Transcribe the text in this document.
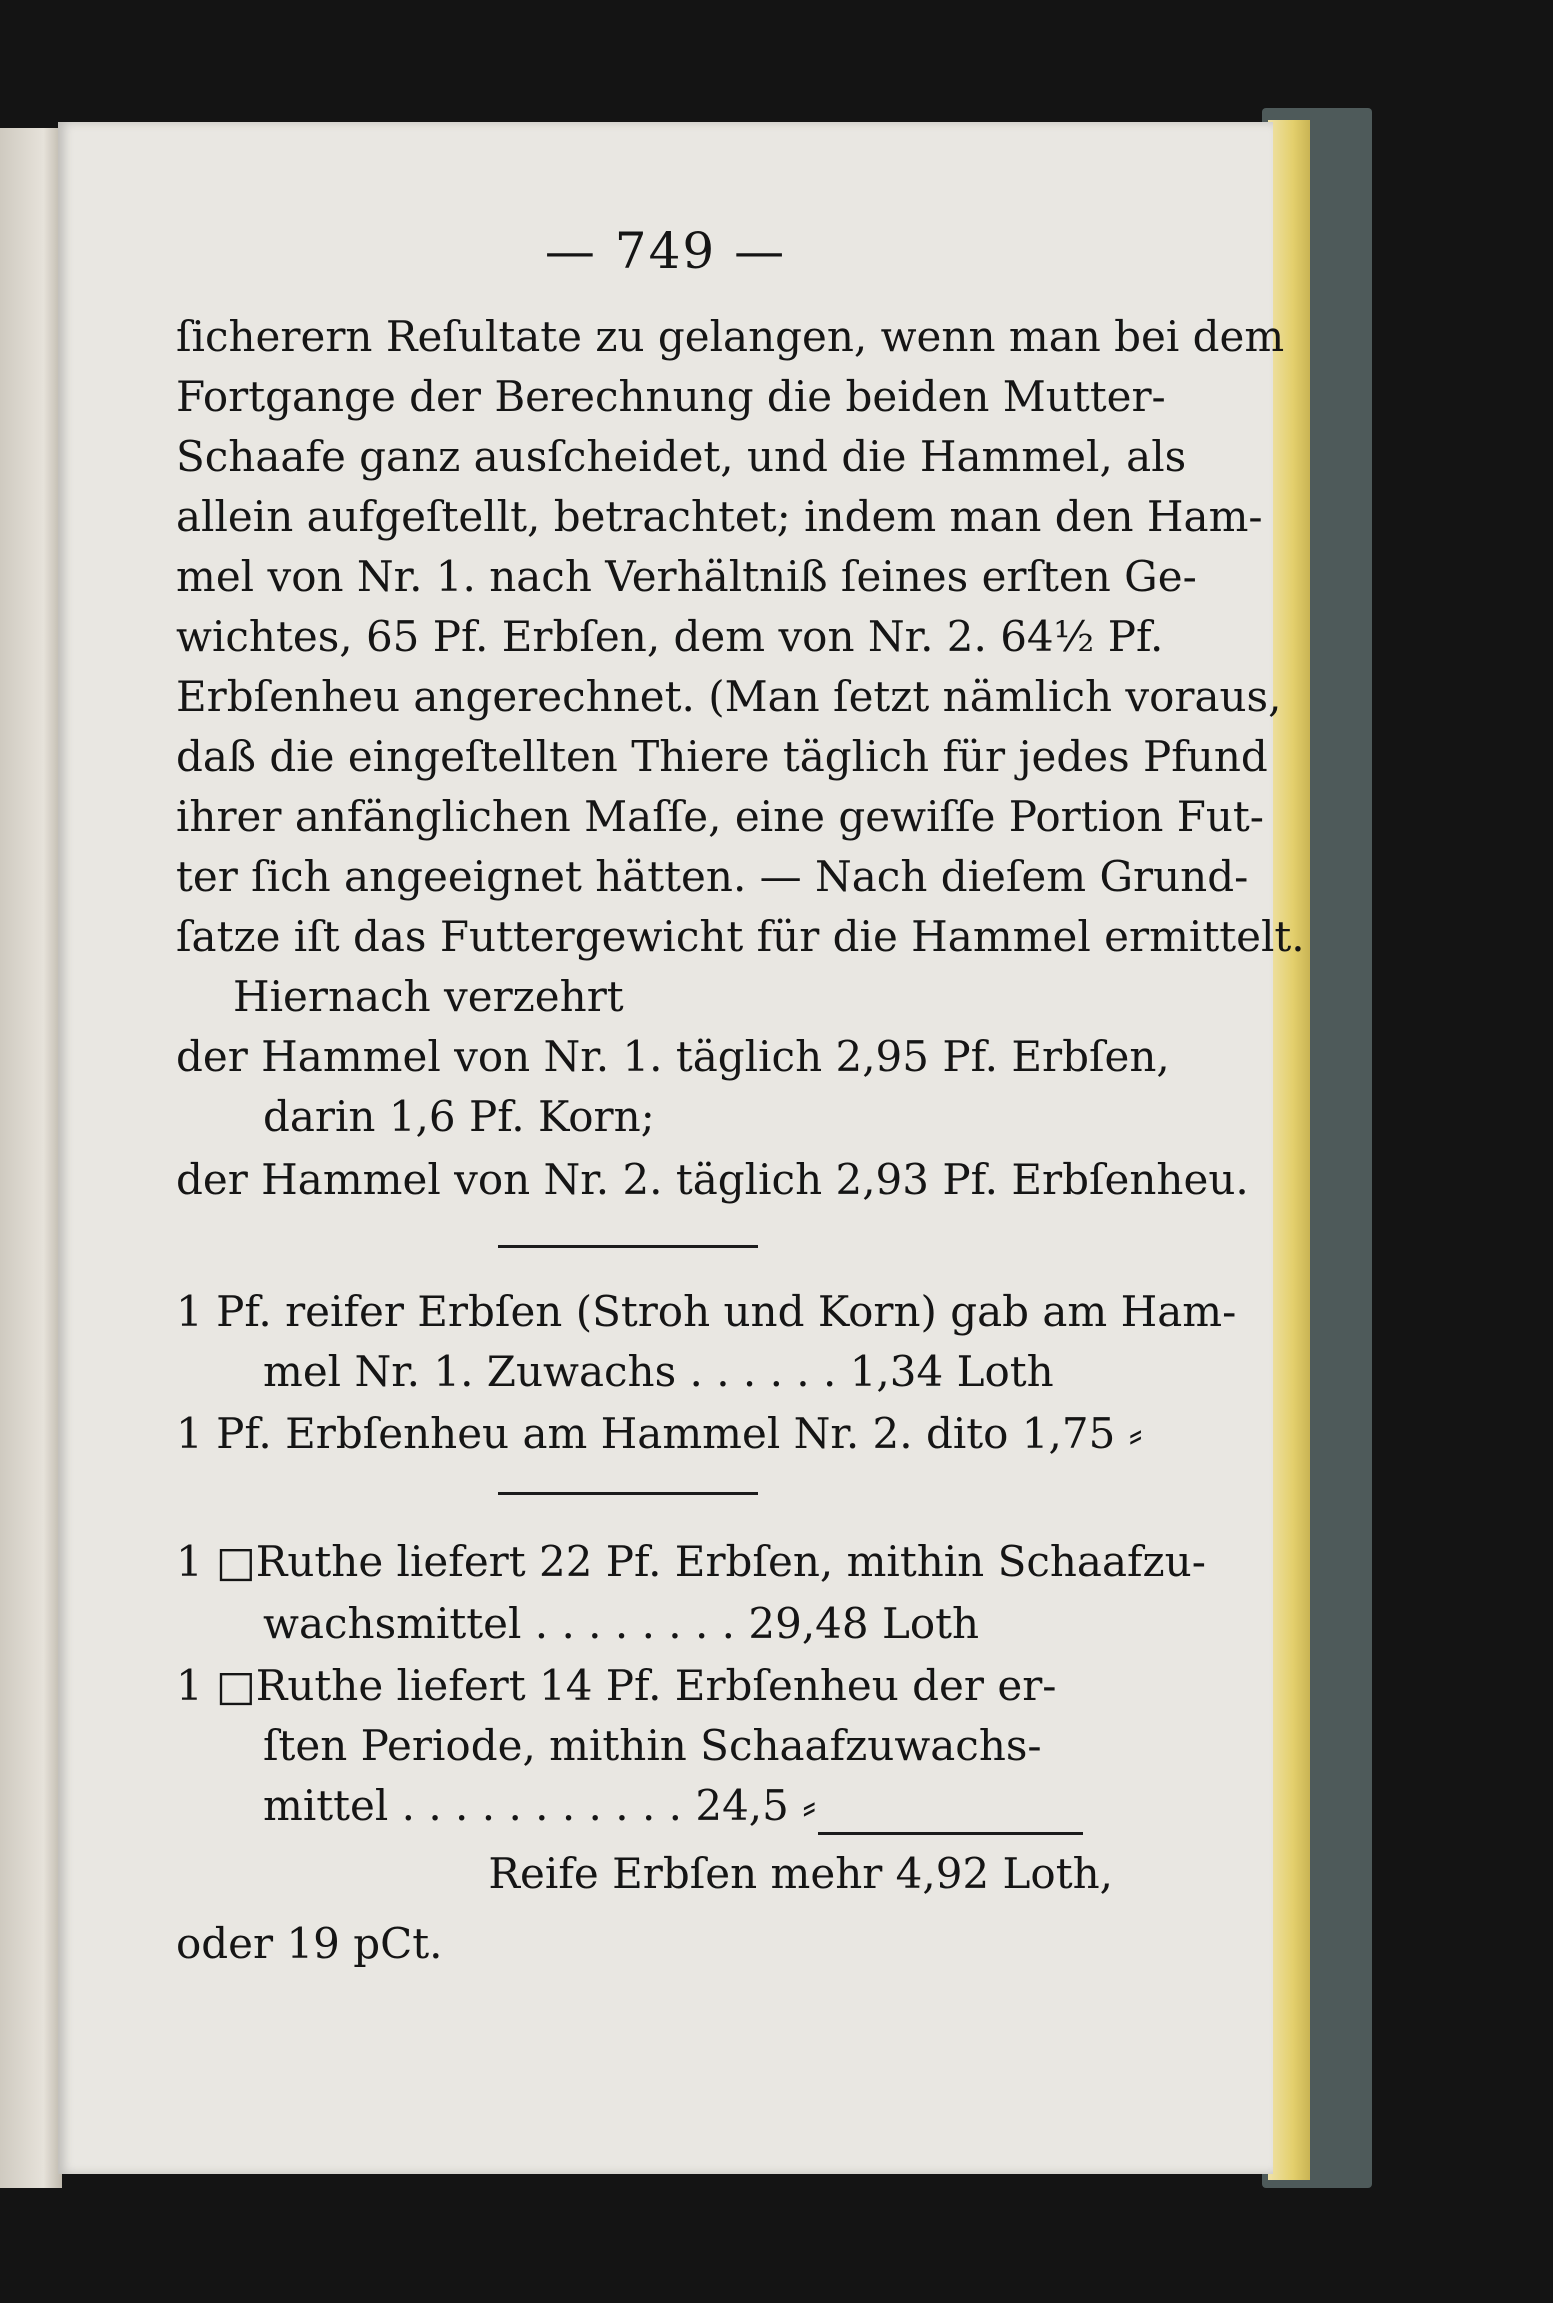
— 749 —
ſicherern Reſultate zu gelangen, wenn man bei dem
Fortgange der Berechnung die beiden Mutter-
Schaafe ganz ausſcheidet, und die Hammel, als
allein aufgeſtellt, betrachtet; indem man den Ham-
mel von Nr. 1. nach Verhältniß ſeines erſten Ge-
wichtes, 65 Pf. Erbſen, dem von Nr. 2. 64½ Pf.
Erbſenheu angerechnet. (Man ſetzt nämlich voraus,
daß die eingeſtellten Thiere täglich für jedes Pfund
ihrer anfänglichen Maſſe, eine gewiſſe Portion Fut-
ter ſich angeeignet hätten. — Nach dieſem Grund-
ſatze iſt das Futtergewicht für die Hammel ermittelt.
Hiernach verzehrt
der Hammel von Nr. 1. täglich 2,95 Pf. Erbſen,
darin 1,6 Pf. Korn;
der Hammel von Nr. 2. täglich 2,93 Pf. Erbſenheu.
1 Pf. reifer Erbſen (Stroh und Korn) gab am Ham-
mel Nr. 1. Zuwachs . . . . . . 1,34 Loth
1 Pf. Erbſenheu am Hammel Nr. 2. dito 1,75 ⸗
1 □Ruthe liefert 22 Pf. Erbſen, mithin Schaafzu-
wachsmittel . . . . . . . . 29,48 Loth
1 □Ruthe liefert 14 Pf. Erbſenheu der er-
ſten Periode, mithin Schaafzuwachs-
mittel . . . . . . . . . . . 24,5 ⸗
Reife Erbſen mehr 4,92 Loth,
oder 19 pCt.
